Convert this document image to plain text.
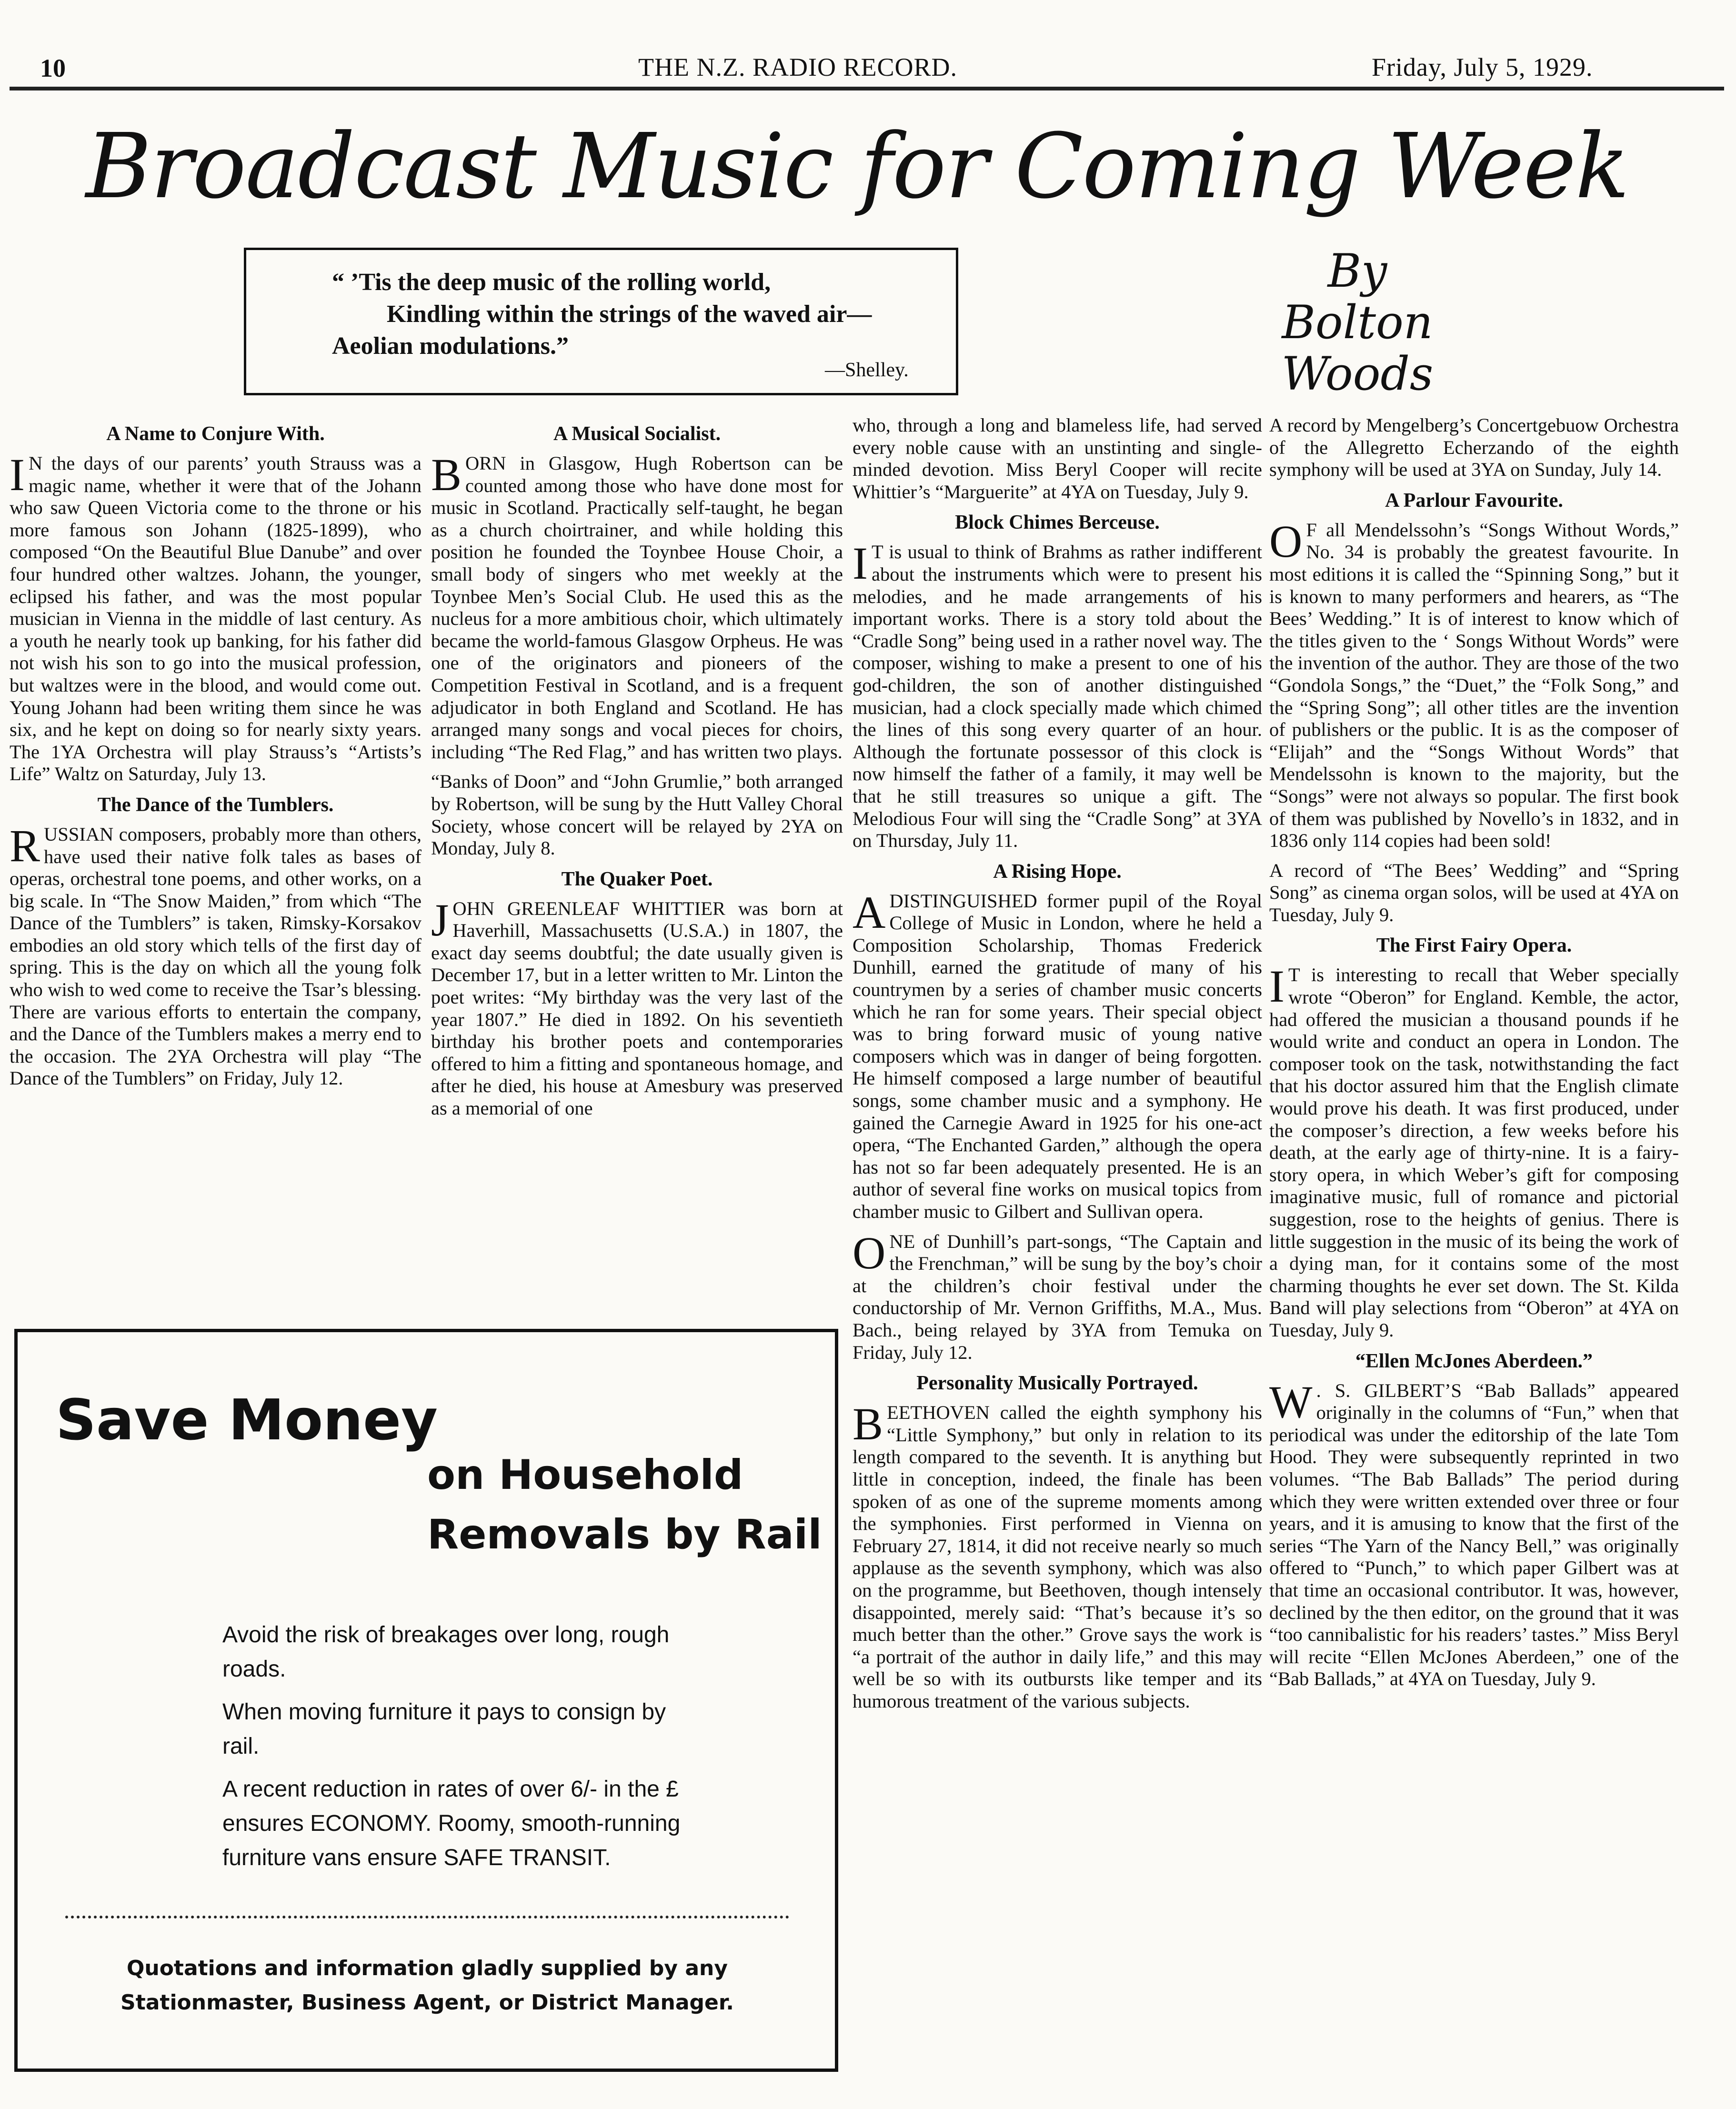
10	THE N.Z. RADIO RECORD.	Friday, July 5, 1929.
Broadcast Music for Coming Week
“ ’Tis the deep music of the rolling world,
Kindling within the strings of the waved air—
Aeolian modulations.”
—Shelley.
By
Bolton
Woods
A Name to Conjure With.

I N the days of our parents’ youth Strauss was a magic name, whether it were that of the Johann who saw Queen Victoria come to the throne or his more famous son Johann (1825-1899), who composed “On the Beautiful Blue Danube” and over four hundred other waltzes. Johann, the younger, eclipsed his father, and was the most popular musician in Vienna in the middle of last century. As a youth he nearly took up banking, for his father did not wish his son to go into the musical profession, but waltzes were in the blood, and would come out. Young Johann had been writing them since he was six, and he kept on doing so for nearly sixty years. The 1YA Orchestra will play Strauss’s “Artists’s Life” Waltz on Saturday, July 13.

The Dance of the Tumblers.

RUSSIAN composers, probably more than others, have used their native folk tales as bases of operas, orchestral tone poems, and other works, on a big scale. In “The Snow Maiden,” from which “The Dance of the Tumblers” is taken, Rimsky-Korsakov embodies an old story which tells of the first day of spring. This is the day on which all the young folk who wish to wed come to receive the Tsar’s blessing. There are various efforts to entertain the company, and the Dance of the Tumblers makes a merry end to the occasion. The 2YA Orchestra will play “The Dance of the Tumblers” on Friday, July 12.

A Musical Socialist.

BORN in Glasgow, Hugh Robertson can be counted among those who have done most for music in Scotland. Practically self-taught, he began as a church choirtrainer, and while holding this position he founded the Toynbee House Choir, a small body of singers who met weekly at the Toynbee Men’s Social Club. He used this as the nucleus for a more ambitious choir, which ultimately became the world-famous Glasgow Orpheus. He was one of the originators and pioneers of the Competition Festival in Scotland, and is a frequent adjudicator in both England and Scotland. He has arranged many songs and vocal pieces for choirs, including “The Red Flag,” and has written two plays.

“Banks of Doon” and “John Grumlie,” both arranged by Robertson, will be sung by the Hutt Valley Choral Society, whose concert will be relayed by 2YA on Monday, July 8.

The Quaker Poet.

JOHN GREENLEAF WHITTIER was born at Haverhill, Massachusetts (U.S.A.) in 1807, the exact day seems doubtful; the date usually given is December 17, but in a letter written to Mr. Linton the poet writes: “My birthday was the very last of the year 1807.” He died in 1892. On his seventieth birthday his brother poets and contemporaries offered to him a fitting and spontaneous homage, and after he died, his house at Amesbury was preserved as a memorial of one

who, through a long and blameless life, had served every noble cause with an unstinting and single-minded devotion. Miss Beryl Cooper will recite Whittier’s “Marguerite” at 4YA on Tuesday, July 9.

Block Chimes Berceuse.

I T is usual to think of Brahms as rather indifferent about the instruments which were to present his melodies, and he made arrangements of his important works. There is a story told about the “Cradle Song” being used in a rather novel way. The composer, wishing to make a present to one of his god-children, the son of another distinguished musician, had a clock specially made which chimed the lines of this song every quarter of an hour. Although the fortunate possessor of this clock is now himself the father of a family, it may well be that he still treasures so unique a gift. The Melodious Four will sing the “Cradle Song” at 3YA on Thursday, July 11.

A Rising Hope.

ADISTINGUISHED former pupil of the Royal College of Music in London, where he held a Composition Scholarship, Thomas Frederick Dunhill, earned the gratitude of many of his countrymen by a series of chamber music concerts which he ran for some years. Their special object was to bring forward music of young native composers which was in danger of being forgotten. He himself composed a large number of beautiful songs, some chamber music and a symphony. He gained the Carnegie Award in 1925 for his one-act opera, “The Enchanted Garden,” although the opera has not so far been adequately presented. He is an author of several fine works on musical topics from chamber music to Gilbert and Sullivan opera.

ONE of Dunhill’s part-songs, “The Captain and the Frenchman,” will be sung by the boy’s choir at the children’s choir festival under the conductorship of Mr. Vernon Griffiths, M.A., Mus. Bach., being relayed by 3YA from Temuka on Friday, July 12.

Personality Musically Portrayed.

BEETHOVEN called the eighth symphony his “Little Symphony,” but only in relation to its length compared to the seventh. It is anything but little in conception, indeed, the finale has been spoken of as one of the supreme moments among the symphonies. First performed in Vienna on February 27, 1814, it did not receive nearly so much applause as the seventh symphony, which was also on the programme, but Beethoven, though intensely disappointed, merely said: “That’s because it’s so much better than the other.” Grove says the work is “a portrait of the author in daily life,” and this may well be so with its outbursts like temper and its humorous treatment of the various subjects.

A record by Mengelberg’s Concertgebuow Orchestra of the Allegretto Echerzando of the eighth symphony will be used at 3YA on Sunday, July 14.

A Parlour Favourite.

O F all Mendelssohn’s “Songs Without Words,” No. 34 is probably the greatest favourite. In most editions it is called the “Spinning Song,” but it is known to many performers and hearers, as “The Bees’ Wedding.” It is of interest to know which of the titles given to the ‘ Songs Without Words” were the invention of the author. They are those of the two “Gondola Songs,” the “Duet,” the “Folk Song,” and the “Spring Song”; all other titles are the invention of publishers or the public. It is as the composer of “Elijah” and the “Songs Without Words” that Mendelssohn is known to the majority, but the “Songs” were not always so popular. The first book of them was published by Novello’s in 1832, and in 1836 only 114 copies had been sold!

A record of “The Bees’ Wedding” and “Spring Song” as cinema organ solos, will be used at 4YA on Tuesday, July 9.

The First Fairy Opera.

I T is interesting to recall that Weber specially wrote “Oberon” for England. Kemble, the actor, had offered the musician a thousand pounds if he would write and conduct an opera in London. The composer took on the task, notwithstanding the fact that his doctor assured him that the English climate would prove his death. It was first produced, under the composer’s direction, a few weeks before his death, at the early age of thirty-nine. It is a fairy-story opera, in which Weber’s gift for composing imaginative music, full of romance and pictorial suggestion, rose to the heights of genius. There is little suggestion in the music of its being the work of a dying man, for it contains some of the most charming thoughts he ever set down. The St. Kilda Band will play selections from “Oberon” at 4YA on Tuesday, July 9.

“Ellen McJones Aberdeen.”

W . S. GILBERT’S “Bab Ballads” appeared originally in the columns of “Fun,” when that periodical was under the editorship of the late Tom Hood. They were subsequently reprinted in two volumes. “The Bab Ballads” The period during which they were written extended over three or four years, and it is amusing to know that the first of the series “The Yarn of the Nancy Bell,” was originally offered to “Punch,” to which paper Gilbert was at that time an occasional contributor. It was, however, declined by the then editor, on the ground that it was “too cannibalistic for his readers’ tastes.” Miss Beryl will recite “Ellen McJones Aberdeen,” one of the “Bab Ballads,” at 4YA on Tuesday, July 9.

Save Money
on Household
Removals by Rail

Avoid the risk of breakages over long, rough roads.

When moving furniture it pays to consign by rail.

A recent reduction in rates of over 6/- in the £ ensures ECONOMY. Roomy, smooth-running furniture vans ensure SAFE TRANSIT.

Quotations and information gladly supplied by any Stationmaster, Business Agent, or District Manager.
